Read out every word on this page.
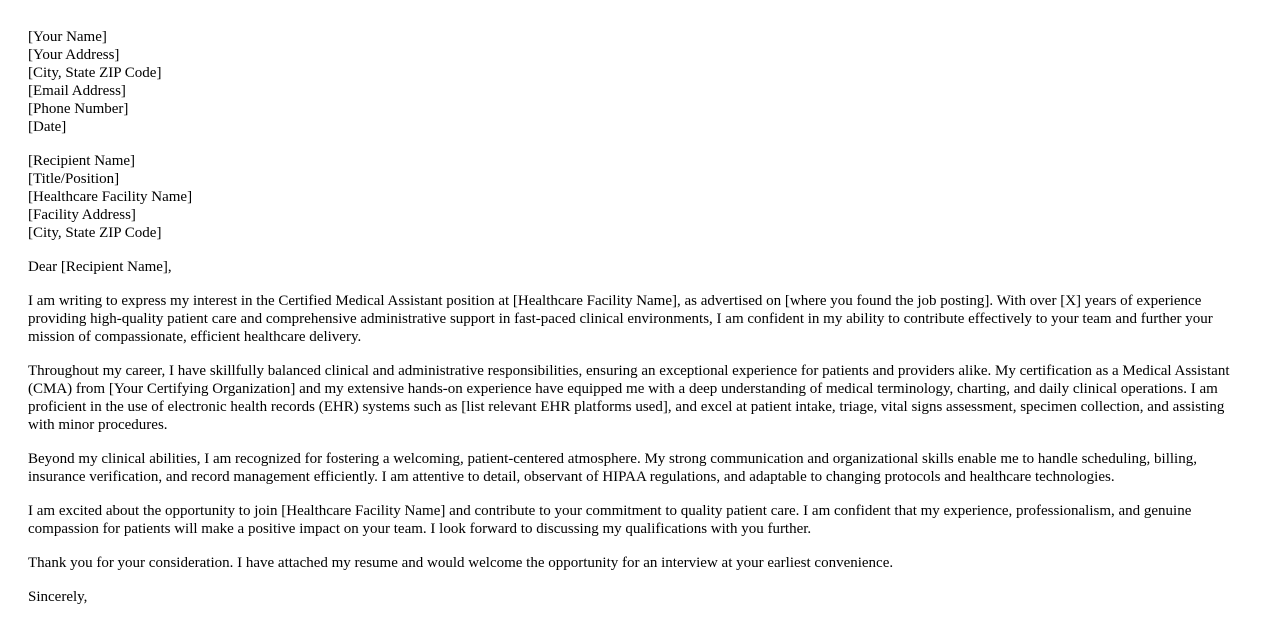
[Your Name]
[Your Address]
[City, State ZIP Code]
[Email Address]
[Phone Number]
[Date]
[Recipient Name]
[Title/Position]
[Healthcare Facility Name]
[Facility Address]
[City, State ZIP Code]

Dear [Recipient Name],

I am writing to express my interest in the Certified Medical Assistant position at [Healthcare Facility Name], as advertised on [where you found the job posting]. With over [X] years of experience providing high-quality patient care and comprehensive administrative support in fast-paced clinical environments, I am confident in my ability to contribute effectively to your team and further your mission of compassionate, efficient healthcare delivery.

Throughout my career, I have skillfully balanced clinical and administrative responsibilities, ensuring an exceptional experience for patients and providers alike. My certification as a Medical Assistant (CMA) from [Your Certifying Organization] and my extensive hands-on experience have equipped me with a deep understanding of medical terminology, charting, and daily clinical operations. I am proficient in the use of electronic health records (EHR) systems such as [list relevant EHR platforms used], and excel at patient intake, triage, vital signs assessment, specimen collection, and assisting with minor procedures.

Beyond my clinical abilities, I am recognized for fostering a welcoming, patient-centered atmosphere. My strong communication and organizational skills enable me to handle scheduling, billing, insurance verification, and record management efficiently. I am attentive to detail, observant of HIPAA regulations, and adaptable to changing protocols and healthcare technologies.

I am excited about the opportunity to join [Healthcare Facility Name] and contribute to your commitment to quality patient care. I am confident that my experience, professionalism, and genuine compassion for patients will make a positive impact on your team. I look forward to discussing my qualifications with you further.

Thank you for your consideration. I have attached my resume and would welcome the opportunity for an interview at your earliest convenience.

Sincerely,
